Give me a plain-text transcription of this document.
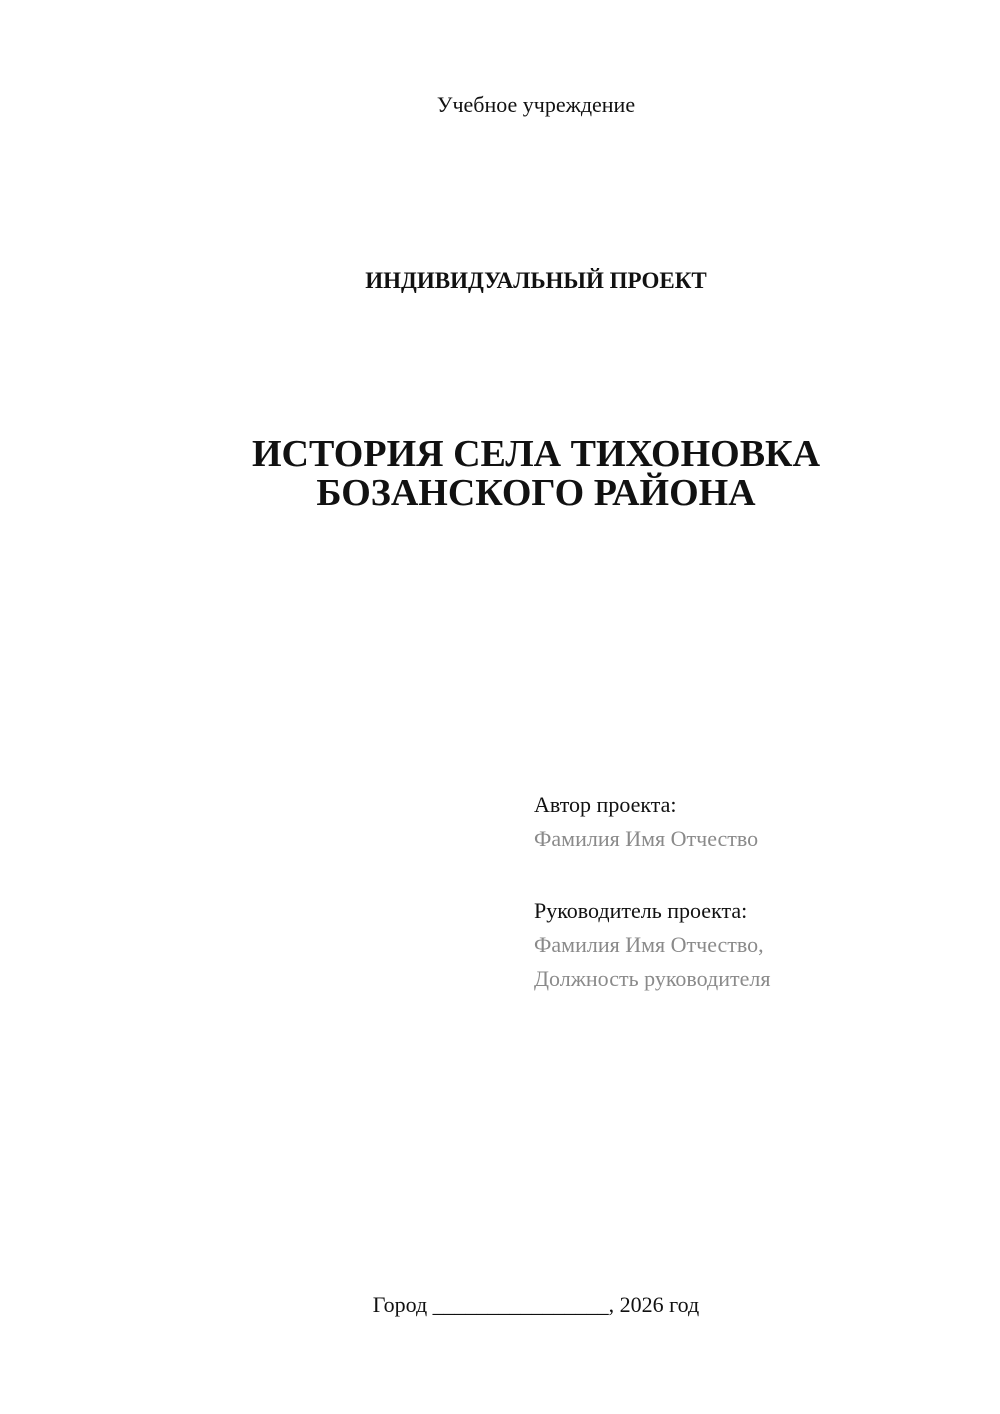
Учебное учреждение
ИНДИВИДУАЛЬНЫЙ ПРОЕКТ
ИСТОРИЯ СЕЛА ТИХОНОВКА
БОЗАНСКОГО РАЙОНА
Автор проекта:
Фамилия Имя Отчество
Руководитель проекта:
Фамилия Имя Отчество,
Должность руководителя
Город ________________, 2026 год
